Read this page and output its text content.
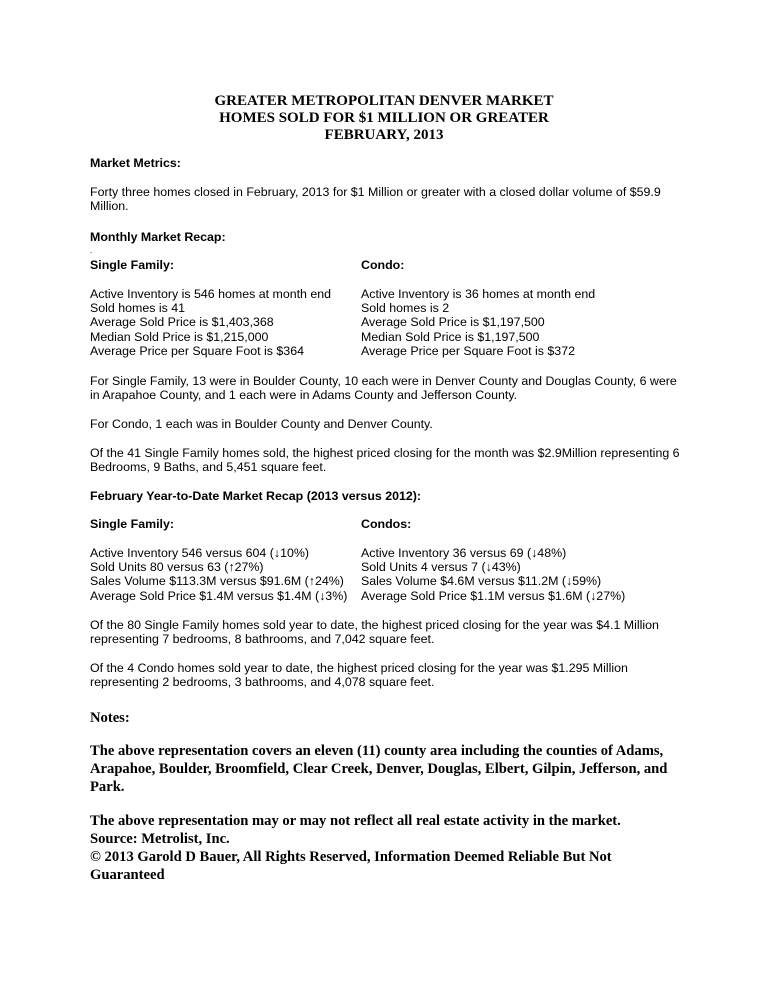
GREATER METROPOLITAN DENVER MARKET
HOMES SOLD FOR $1 MILLION OR GREATER
FEBRUARY, 2013
Market Metrics:
Forty three homes closed in February, 2013 for $1 Million or greater with a closed dollar volume of $59.9 Million.
Monthly Market Recap:
.
Single Family:	Condo:
Active Inventory is 546 homes at month end
Sold homes is 41
Average Sold Price is $1,403,368
Median Sold Price is $1,215,000
Average Price per Square Foot is $364
Active Inventory is 36 homes at month end
Sold homes is 2
Average Sold Price is $1,197,500
Median Sold Price is $1,197,500
Average Price per Square Foot is $372
For Single Family, 13 were in Boulder County, 10 each were in Denver County and Douglas County, 6 were in Arapahoe County, and 1 each were in Adams County and Jefferson County.
For Condo, 1 each was in Boulder County and Denver County.
Of the 41 Single Family homes sold, the highest priced closing for the month was $2.9Million representing 6 Bedrooms, 9 Baths, and 5,451 square feet.
February Year-to-Date Market Recap (2013 versus 2012):
Single Family:	Condos:
Active Inventory 546 versus 604 (↓10%)
Sold Units 80 versus 63 (↑27%)
Sales Volume $113.3M versus $91.6M (↑24%)
Average Sold Price $1.4M versus $1.4M (↓3%)
Active Inventory 36 versus 69 (↓48%)
Sold Units 4 versus 7 (↓43%)
Sales Volume $4.6M versus $11.2M (↓59%)
Average Sold Price $1.1M versus $1.6M (↓27%)
Of the 80 Single Family homes sold year to date, the highest priced closing for the year was $4.1 Million representing 7 bedrooms, 8 bathrooms, and 7,042 square feet.
Of the 4 Condo homes sold year to date, the highest priced closing for the year was $1.295 Million representing 2 bedrooms, 3 bathrooms, and 4,078 square feet.
Notes:
The above representation covers an eleven (11) county area including the counties of Adams, Arapahoe, Boulder, Broomfield, Clear Creek, Denver, Douglas, Elbert, Gilpin, Jefferson, and Park.
The above representation may or may not reflect all real estate activity in the market.
Source: Metrolist, Inc.
© 2013 Garold D Bauer, All Rights Reserved, Information Deemed Reliable But Not Guaranteed
